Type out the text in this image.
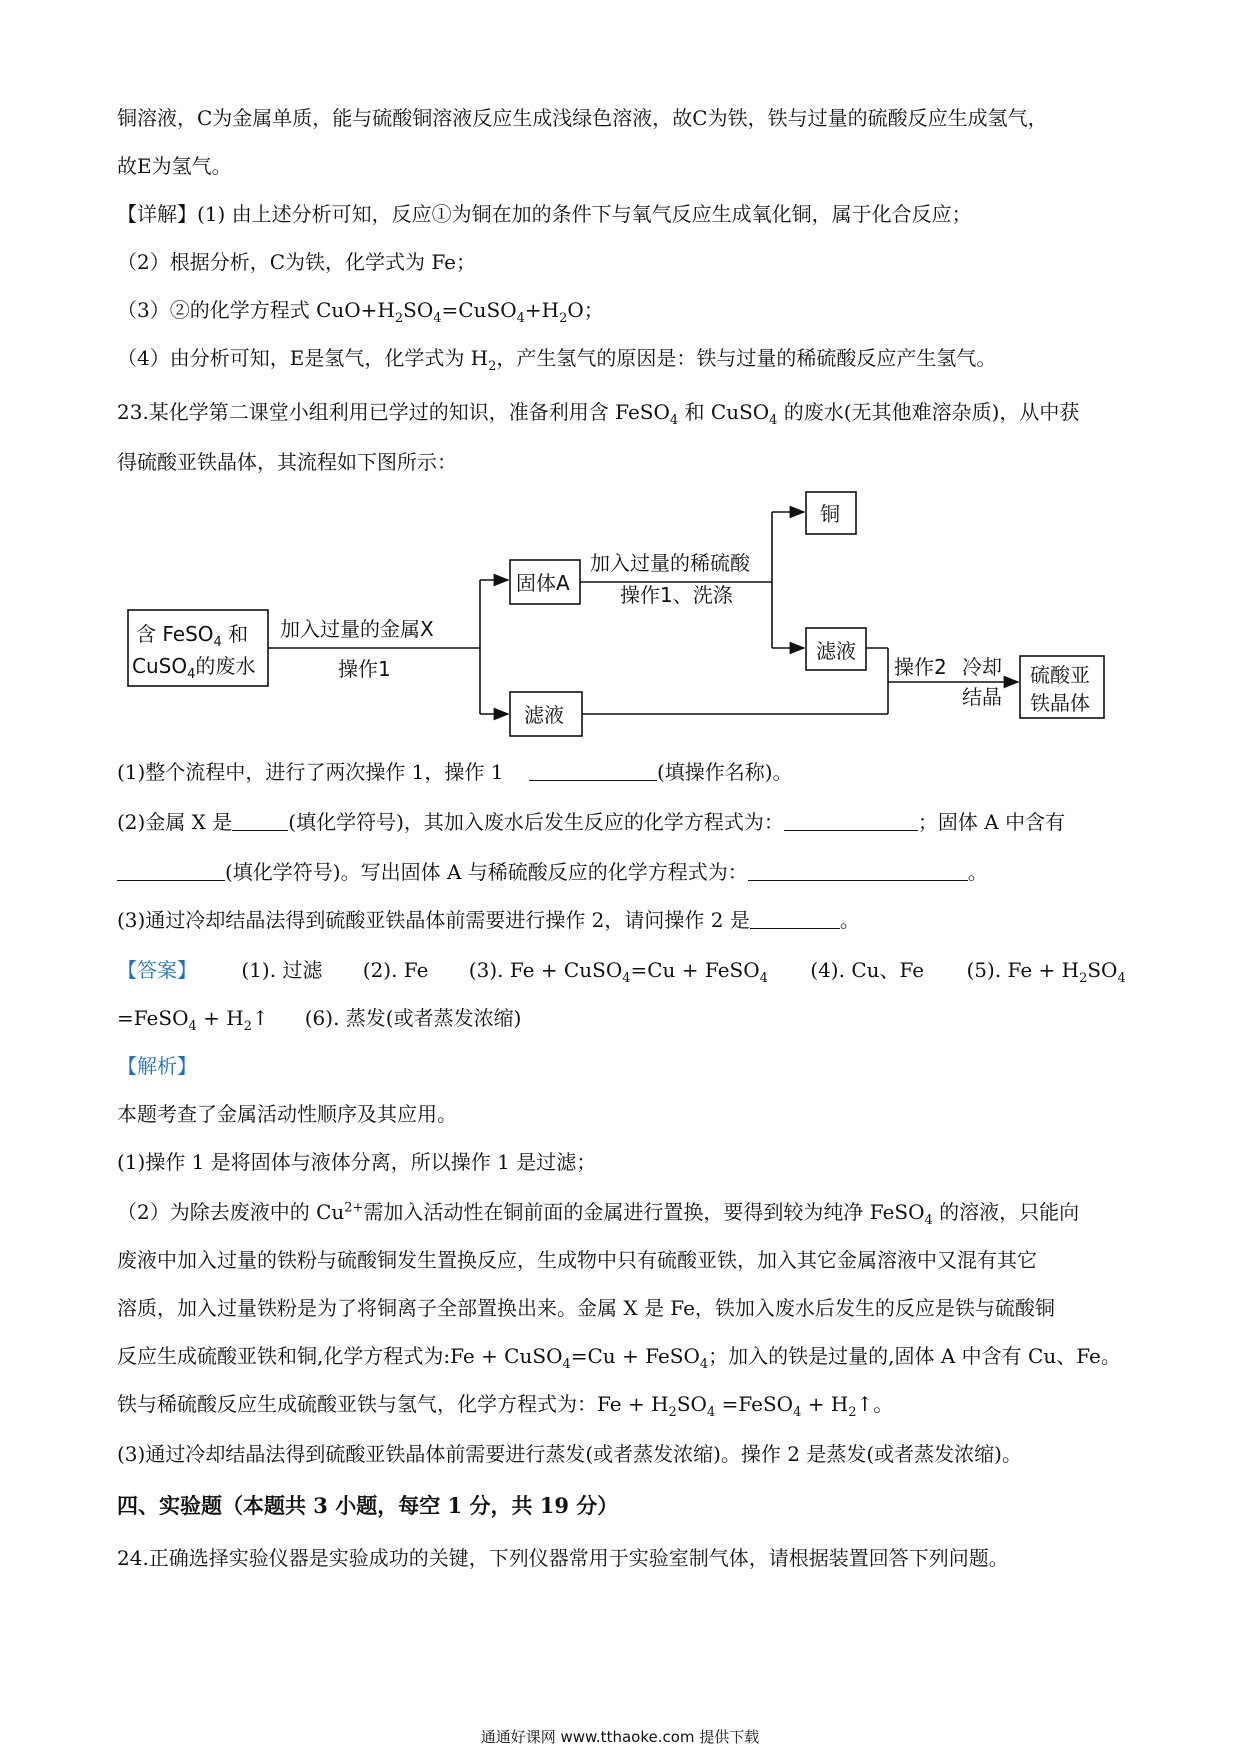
铜溶液，C为金属单质，能与硫酸铜溶液反应生成浅绿色溶液，故C为铁，铁与过量的硫酸反应生成氢气，
故E为氢气。
【详解】(1) 由上述分析可知，反应①为铜在加的条件下与氧气反应生成氧化铜，属于化合反应；
（2）根据分析，C为铁，化学式为 Fe；
（3）②的化学方程式 $CuO+H_2SO_4=CuSO_4+H_2O$；
（4）由分析可知，E是氢气，化学式为 $H_2$，产生氢气的原因是：铁与过量的稀硫酸反应产生氢气。
23.某化学第二课堂小组利用已学过的知识，准备利用含 FeSO$_4$ 和 CuSO$_4$ 的废水(无其他难溶杂质)，从中获
得硫酸亚铁晶体，其流程如下图所示：
含 FeSO$_4$ 和
CuSO$_4$的废水
加入过量的金属X
操作1
固体A
滤液
加入过量的稀硫酸
操作1、洗涤
铜
滤液
操作2 冷却
结晶
硫酸亚
铁晶体
(1)整个流程中，进行了两次操作 1，操作 1	(填操作名称)。
(2)金属 X 是	(填化学符号)，其加入废水后发生反应的化学方程式为：	；固体 A 中含有
(填化学符号)。写出固体 A 与稀硫酸反应的化学方程式为：	。
(3)通过冷却结晶法得到硫酸亚铁晶体前需要进行操作 2，请问操作 2 是	。
【答案】 (1). 过滤 (2). Fe (3). Fe + CuSO$_4$=Cu + FeSO$_4$ (4). Cu、Fe (5). $Fe + H_2SO_4$
=FeSO$_4$ + $H_2↑$ (6). 蒸发(或者蒸发浓缩)
【解析】
本题考查了金属活动性顺序及其应用。
(1)操作 1 是将固体与液体分离，所以操作 1 是过滤；
（2）为除去废液中的 $Cu^{2+}$需加入活动性在铜前面的金属进行置换，要得到较为纯净 FeSO$_4$ 的溶液，只能向
废液中加入过量的铁粉与硫酸铜发生置换反应，生成物中只有硫酸亚铁，加入其它金属溶液中又混有其它
溶质，加入过量铁粉是为了将铜离子全部置换出来。金属 X 是 Fe，铁加入废水后发生的反应是铁与硫酸铜
反应生成硫酸亚铁和铜,化学方程式为:Fe + CuSO$_4$=Cu + FeSO$_4$；加入的铁是过量的,固体 A 中含有 Cu、Fe。
铁与稀硫酸反应生成硫酸亚铁与氢气，化学方程式为：$Fe + H_2SO_4$ =FeSO$_4$ + $H_2↑$。
(3)通过冷却结晶法得到硫酸亚铁晶体前需要进行蒸发(或者蒸发浓缩)。操作 2 是蒸发(或者蒸发浓缩)。
四、实验题（本题共 3 小题，每空 1 分，共 19 分）
24.正确选择实验仪器是实验成功的关键，下列仪器常用于实验室制气体，请根据装置回答下列问题。
通通好课网 www.tthaoke.com 提供下载
